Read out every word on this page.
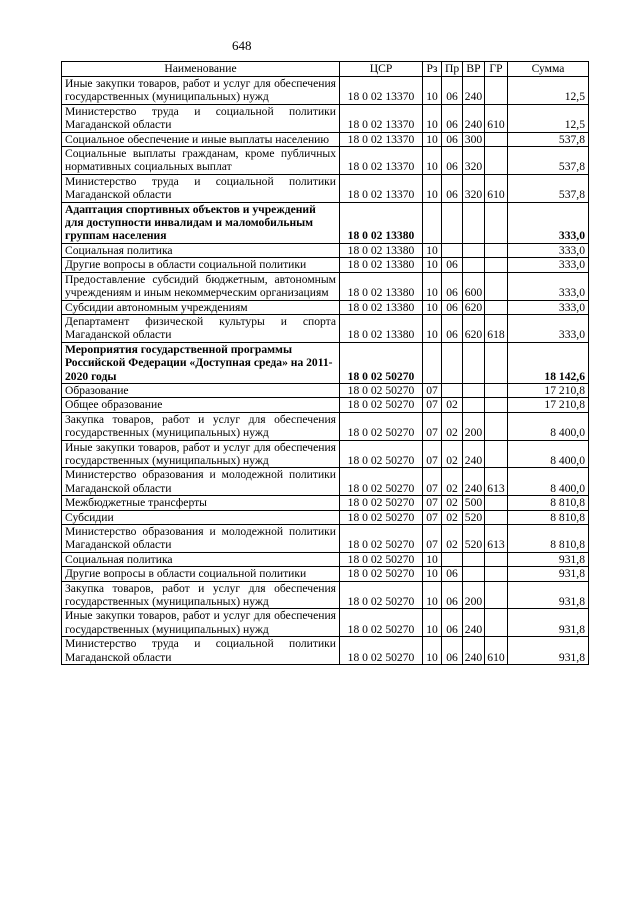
648
Наименование	ЦСР	Рз	Пр	ВР	ГР	Сумма
Иные закупки товаров, работ и услуг для обеспечения государственных (муниципальных) нужд	18 0 02 13370	10	06	240		12,5
Министерство труда и социальной политики Магаданской области	18 0 02 13370	10	06	240	610	12,5
Социальное обеспечение и иные выплаты населению	18 0 02 13370	10	06	300		537,8
Социальные выплаты гражданам, кроме публичных нормативных социальных выплат	18 0 02 13370	10	06	320		537,8
Министерство труда и социальной политики Магаданской области	18 0 02 13370	10	06	320	610	537,8
Адаптация спортивных объектов и учреждений для доступности инвалидам и маломобильным группам населения	18 0 02 13380					333,0
Социальная политика	18 0 02 13380	10				333,0
Другие вопросы в области социальной политики	18 0 02 13380	10	06			333,0
Предоставление субсидий бюджетным, автономным учреждениям и иным некоммерческим организациям	18 0 02 13380	10	06	600		333,0
Субсидии автономным учреждениям	18 0 02 13380	10	06	620		333,0
Департамент физической культуры и спорта Магаданской области	18 0 02 13380	10	06	620	618	333,0
Мероприятия государственной программы Российской Федерации «Доступная среда» на 2011-2020 годы	18 0 02 50270					18 142,6
Образование	18 0 02 50270	07				17 210,8
Общее образование	18 0 02 50270	07	02			17 210,8
Закупка товаров, работ и услуг для обеспечения государственных (муниципальных) нужд	18 0 02 50270	07	02	200		8 400,0
Иные закупки товаров, работ и услуг для обеспечения государственных (муниципальных) нужд	18 0 02 50270	07	02	240		8 400,0
Министерство образования и молодежной политики Магаданской области	18 0 02 50270	07	02	240	613	8 400,0
Межбюджетные трансферты	18 0 02 50270	07	02	500		8 810,8
Субсидии	18 0 02 50270	07	02	520		8 810,8
Министерство образования и молодежной политики Магаданской области	18 0 02 50270	07	02	520	613	8 810,8
Социальная политика	18 0 02 50270	10				931,8
Другие вопросы в области социальной политики	18 0 02 50270	10	06			931,8
Закупка товаров, работ и услуг для обеспечения государственных (муниципальных) нужд	18 0 02 50270	10	06	200		931,8
Иные закупки товаров, работ и услуг для обеспечения государственных (муниципальных) нужд	18 0 02 50270	10	06	240		931,8
Министерство труда и социальной политики Магаданской области	18 0 02 50270	10	06	240	610	931,8
